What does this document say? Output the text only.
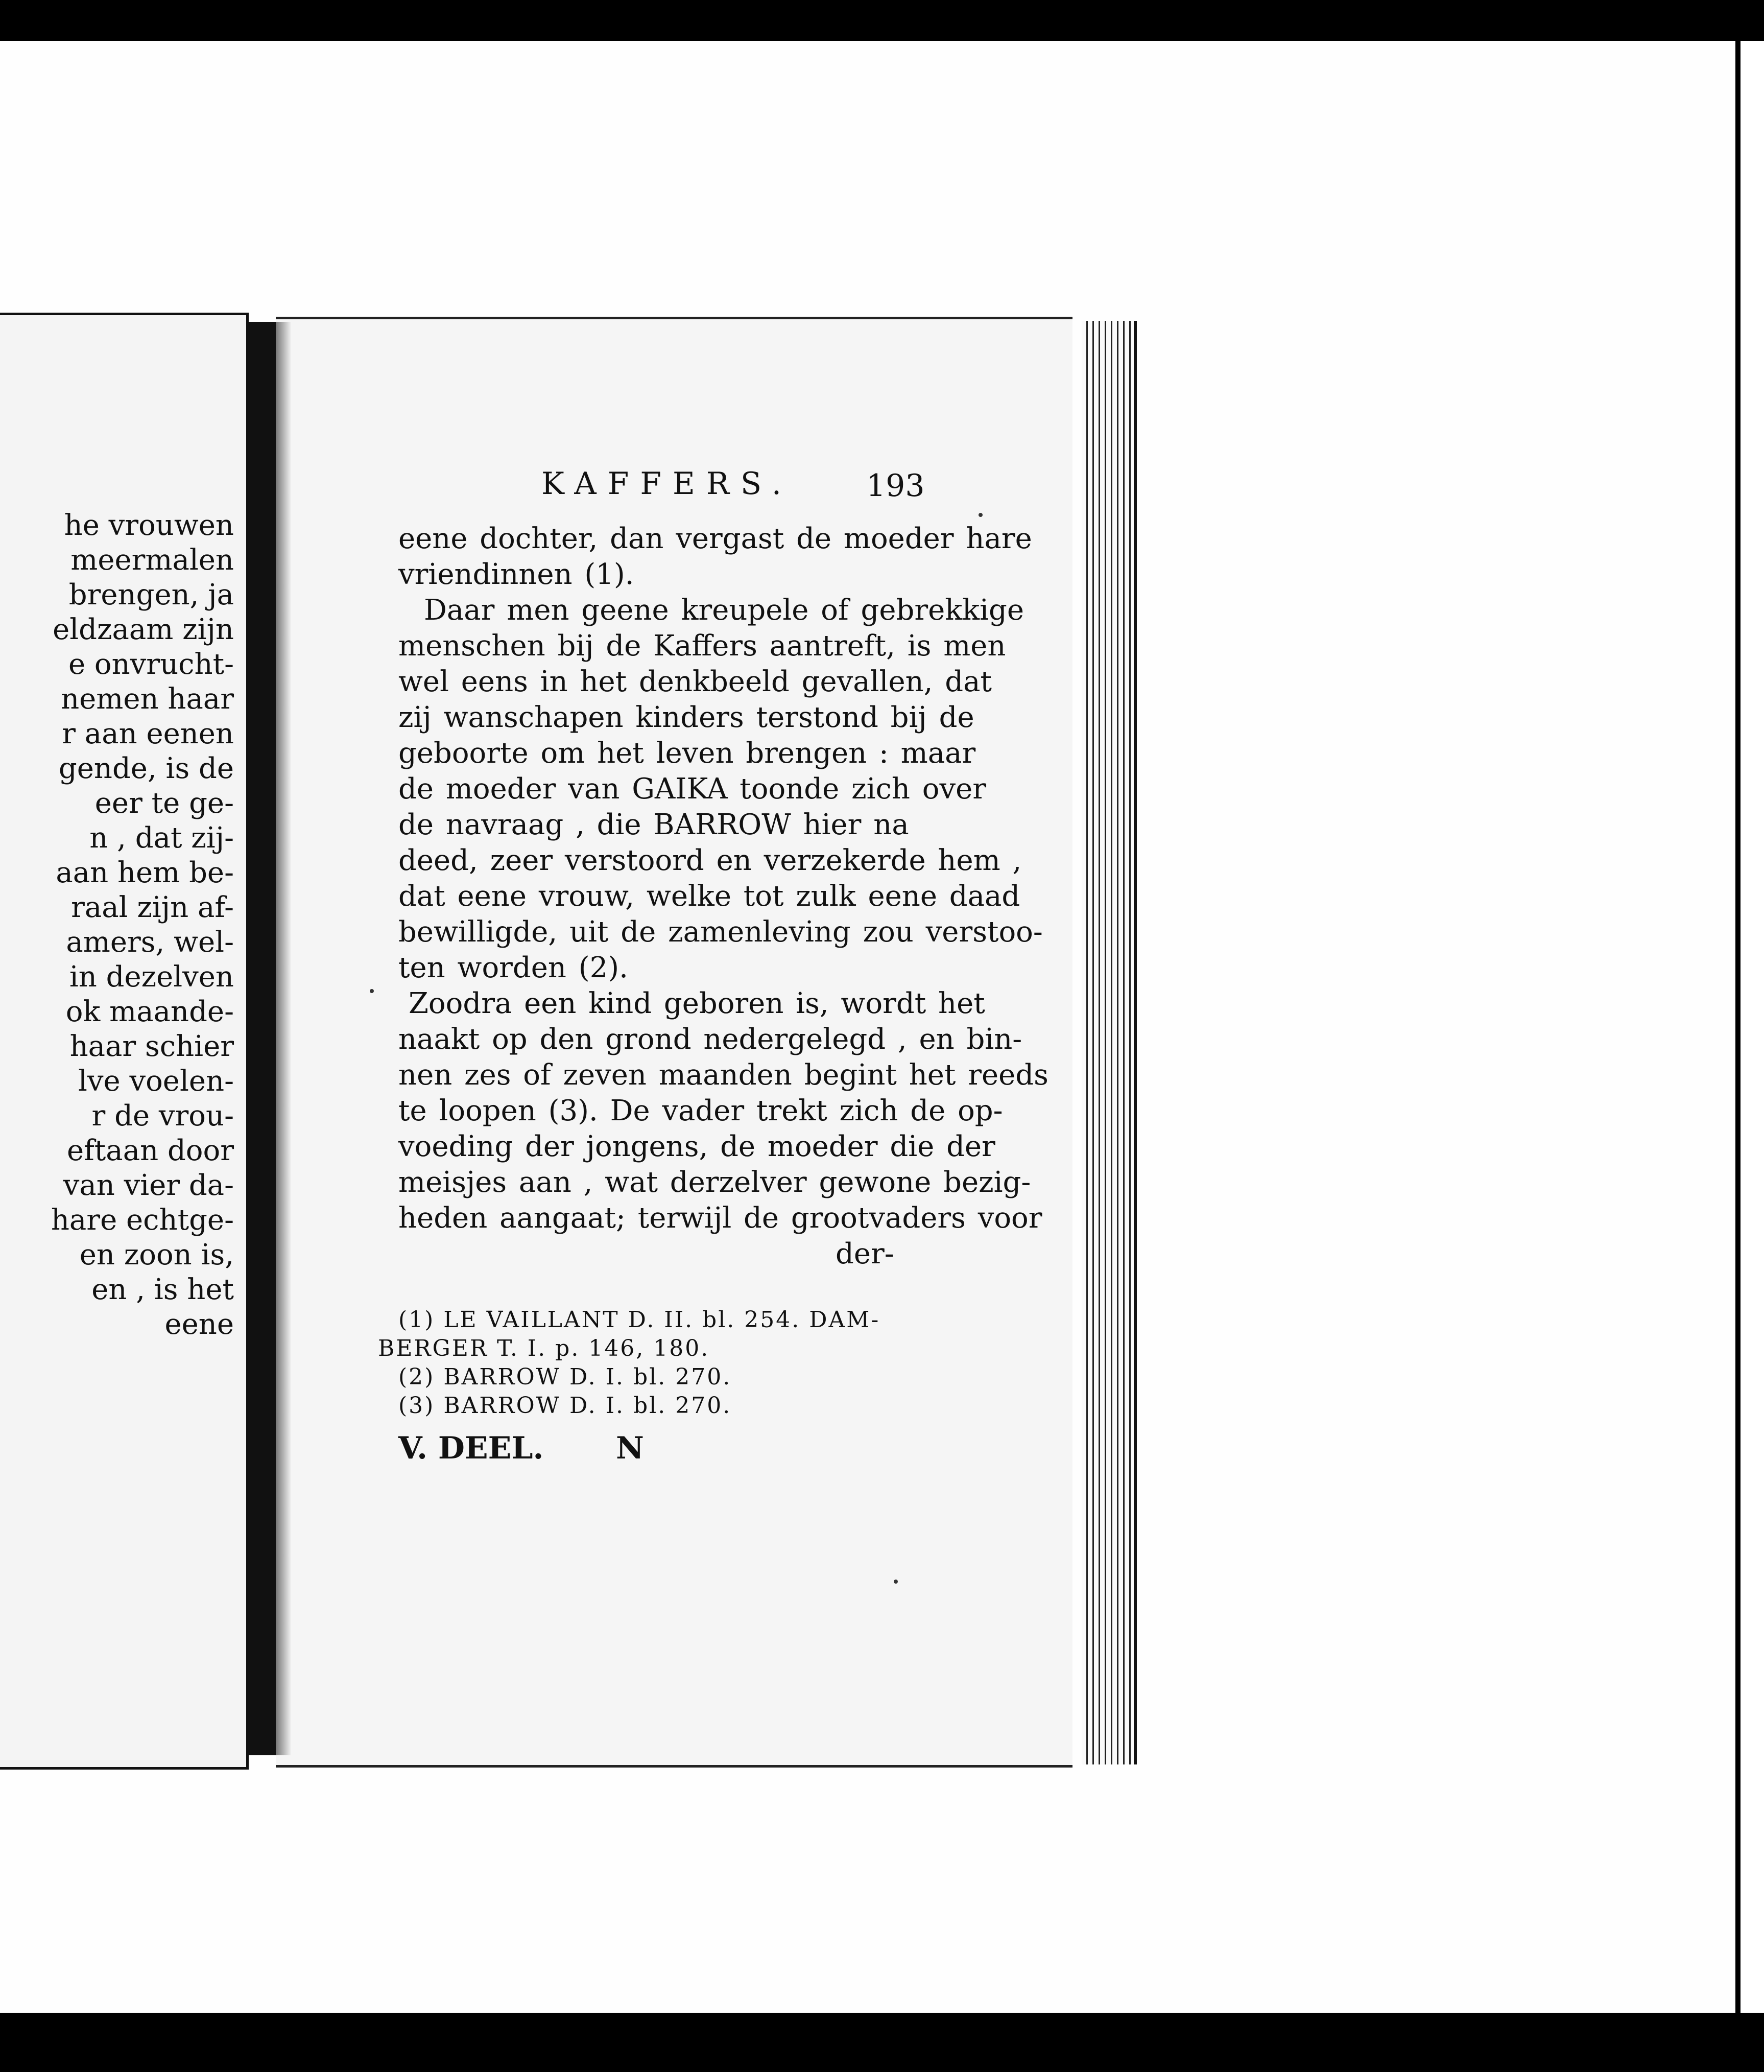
he vrouwen
meermalen
brengen, ja
eldzaam zijn
e onvrucht-
nemen haar
r aan eenen
gende, is de
eer te ge-
n , dat zij-
aan hem be-
raal zijn af-
amers, wel-
in dezelven
ok maande-
haar schier
lve voelen-
r de vrou-
eftaan door
van vier da-
hare echtge-
en zoon is,
en , is het
eene
KAFFERS. 193
eene dochter, dan vergast de moeder hare
vriendinnen (1).
Daar men geene kreupele of gebrekkige
menschen bij de Kaffers aantreft, is men
wel eens in het denkbeeld gevallen, dat
zij wanschapen kinders terstond bij de
geboorte om het leven brengen : maar
de moeder van GAIKA toonde zich over
de navraag , die BARROW hier na
deed, zeer verstoord en verzekerde hem ,
dat eene vrouw, welke tot zulk eene daad
bewilligde, uit de zamenleving zou verstoo-
ten worden (2).
Zoodra een kind geboren is, wordt het
naakt op den grond nedergelegd , en bin-
nen zes of zeven maanden begint het reeds
te loopen (3). De vader trekt zich de op-
voeding der jongens, de moeder die der
meisjes aan , wat derzelver gewone bezig-
heden aangaat; terwijl de grootvaders voor
der-
(1) LE VAILLANT D. II. bl. 254. DAM-
BERGER T. I. p. 146, 180.
(2) BARROW D. I. bl. 270.
(3) BARROW D. I. bl. 270.
V. DEEL. N
